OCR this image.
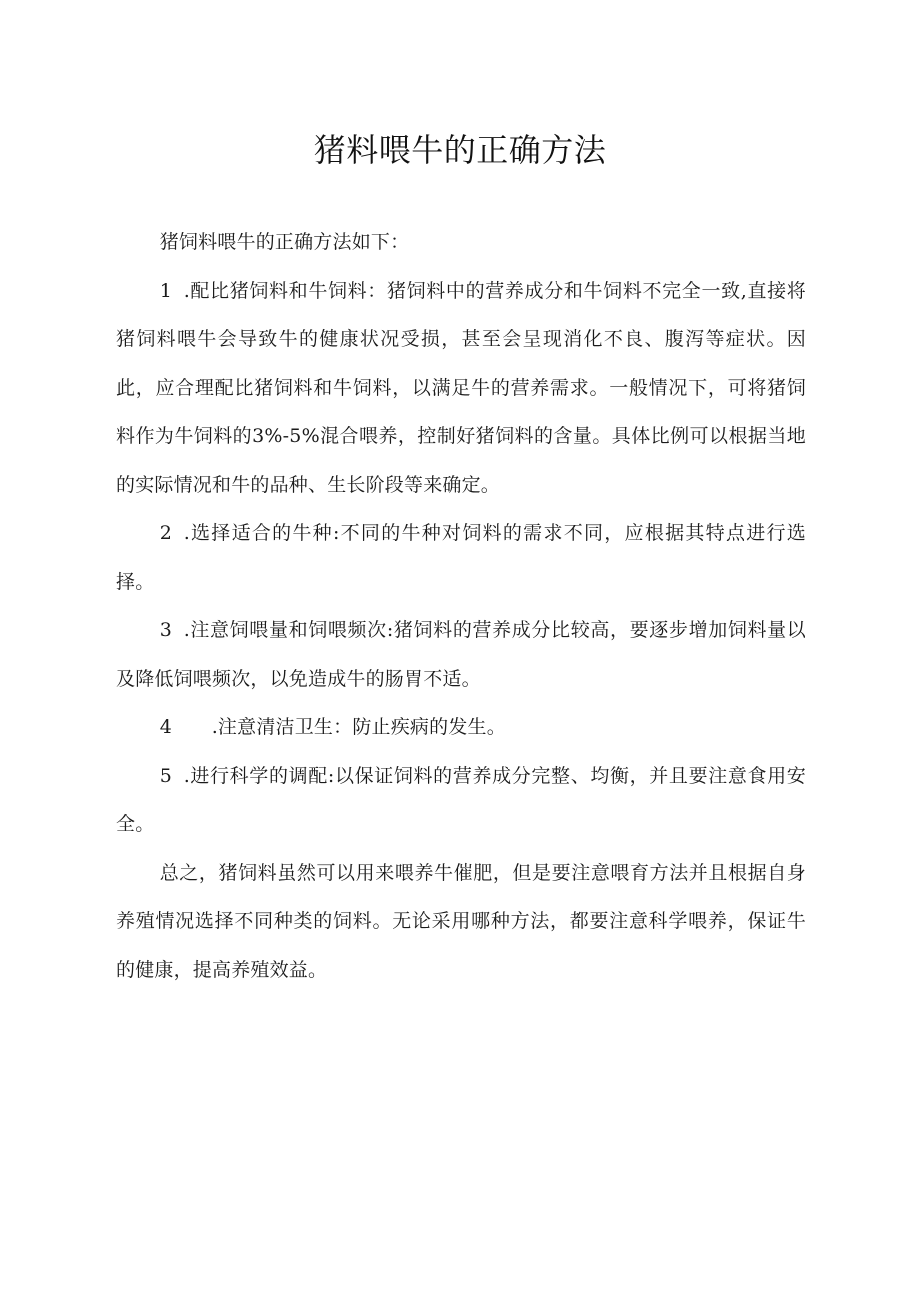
猪料喂牛的正确方法

猪饲料喂牛的正确方法如下：

1 .配比猪饲料和牛饲料：猪饲料中的营养成分和牛饲料不完全一致,直接将猪饲料喂牛会导致牛的健康状况受损，甚至会呈现消化不良、腹泻等症状。因此，应合理配比猪饲料和牛饲料，以满足牛的营养需求。一般情况下，可将猪饲料作为牛饲料的3%-5%混合喂养，控制好猪饲料的含量。具体比例可以根据当地的实际情况和牛的品种、生长阶段等来确定。

2 .选择适合的牛种:不同的牛种对饲料的需求不同，应根据其特点进行选择。

3 .注意饲喂量和饲喂频次:猪饲料的营养成分比较高，要逐步增加饲料量以及降低饲喂频次，以免造成牛的肠胃不适。

4 .注意清洁卫生：防止疾病的发生。

5 .进行科学的调配:以保证饲料的营养成分完整、均衡，并且要注意食用安全。

总之，猪饲料虽然可以用来喂养牛催肥，但是要注意喂育方法并且根据自身养殖情况选择不同种类的饲料。无论采用哪种方法，都要注意科学喂养，保证牛的健康，提高养殖效益。
